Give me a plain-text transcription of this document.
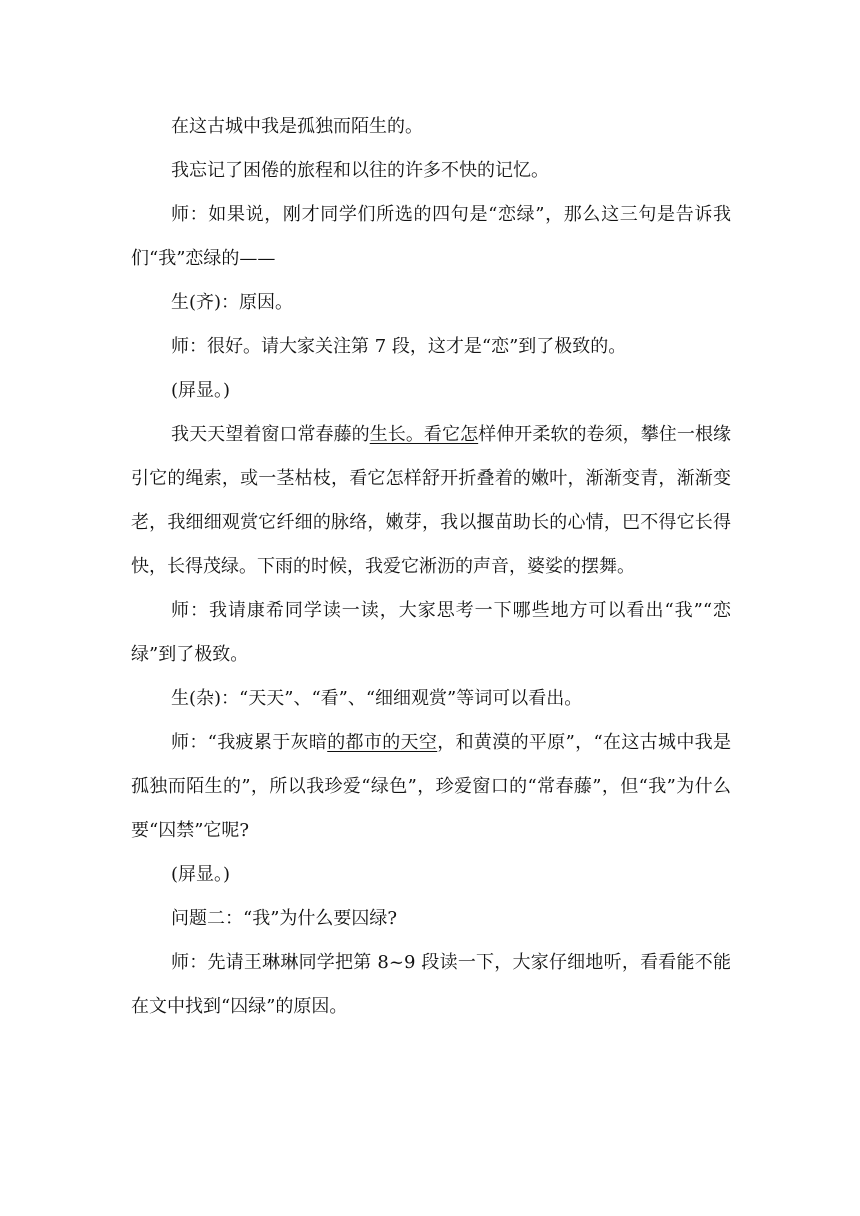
在这古城中我是孤独而陌生的。

我忘记了困倦的旅程和以往的许多不快的记忆。

师：如果说，刚才同学们所选的四句是“恋绿”，那么这三句是告诉我们“我”恋绿的——

生(齐)：原因。

师：很好。请大家关注第 7 段，这才是“恋”到了极致的。

(屏显。)

我天天望着窗口常春藤的生长。看它怎样伸开柔软的卷须，攀住一根缘引它的绳索，或一茎枯枝，看它怎样舒开折叠着的嫩叶，渐渐变青，渐渐变老，我细细观赏它纤细的脉络，嫩芽，我以揠苗助长的心情，巴不得它长得快，长得茂绿。下雨的时候，我爱它淅沥的声音，婆娑的摆舞。

师：我请康希同学读一读，大家思考一下哪些地方可以看出“我”“恋绿”到了极致。

生(杂)：“天天”、“看”、“细细观赏”等词可以看出。

师：“我疲累于灰暗的都市的天空，和黄漠的平原”，“在这古城中我是孤独而陌生的”，所以我珍爱“绿色”，珍爱窗口的“常春藤”，但“我”为什么要“囚禁”它呢?

(屏显。)

问题二：“我”为什么要囚绿?

师：先请王琳琳同学把第 8~9 段读一下，大家仔细地听，看看能不能在文中找到“囚绿”的原因。
